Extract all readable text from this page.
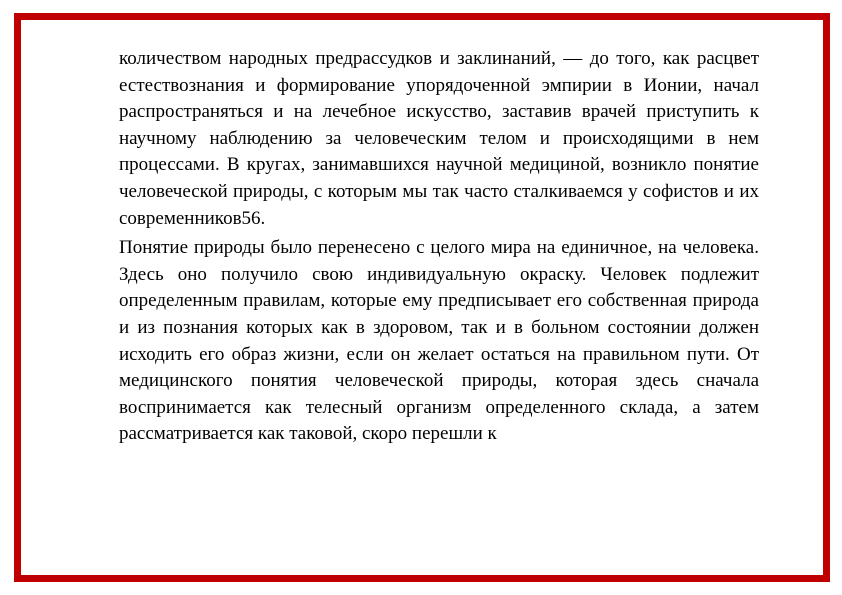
количеством народных предрассудков и заклинаний, — до того, как расцвет естествознания и формирование упорядоченной эмпирии в Ионии, начал распространяться и на лечебное искусство, заставив врачей приступить к научному наблюдению за человеческим телом и происходящими в нем процессами. В кругах, занимавшихся научной медициной, возникло понятие человеческой природы, с которым мы так часто сталкиваемся у софистов и их современников56.

Понятие природы было перенесено с целого мира на единичное, на человека. Здесь оно получило свою индивидуальную окраску. Человек подлежит определенным правилам, которые ему предписывает его собственная природа и из познания которых как в здоровом, так и в больном состоянии должен исходить его образ жизни, если он желает остаться на правильном пути. От медицинского понятия человеческой природы, которая здесь сначала воспринимается как телесный организм определенного склада, а затем рассматривается как таковой, скоро перешли к
